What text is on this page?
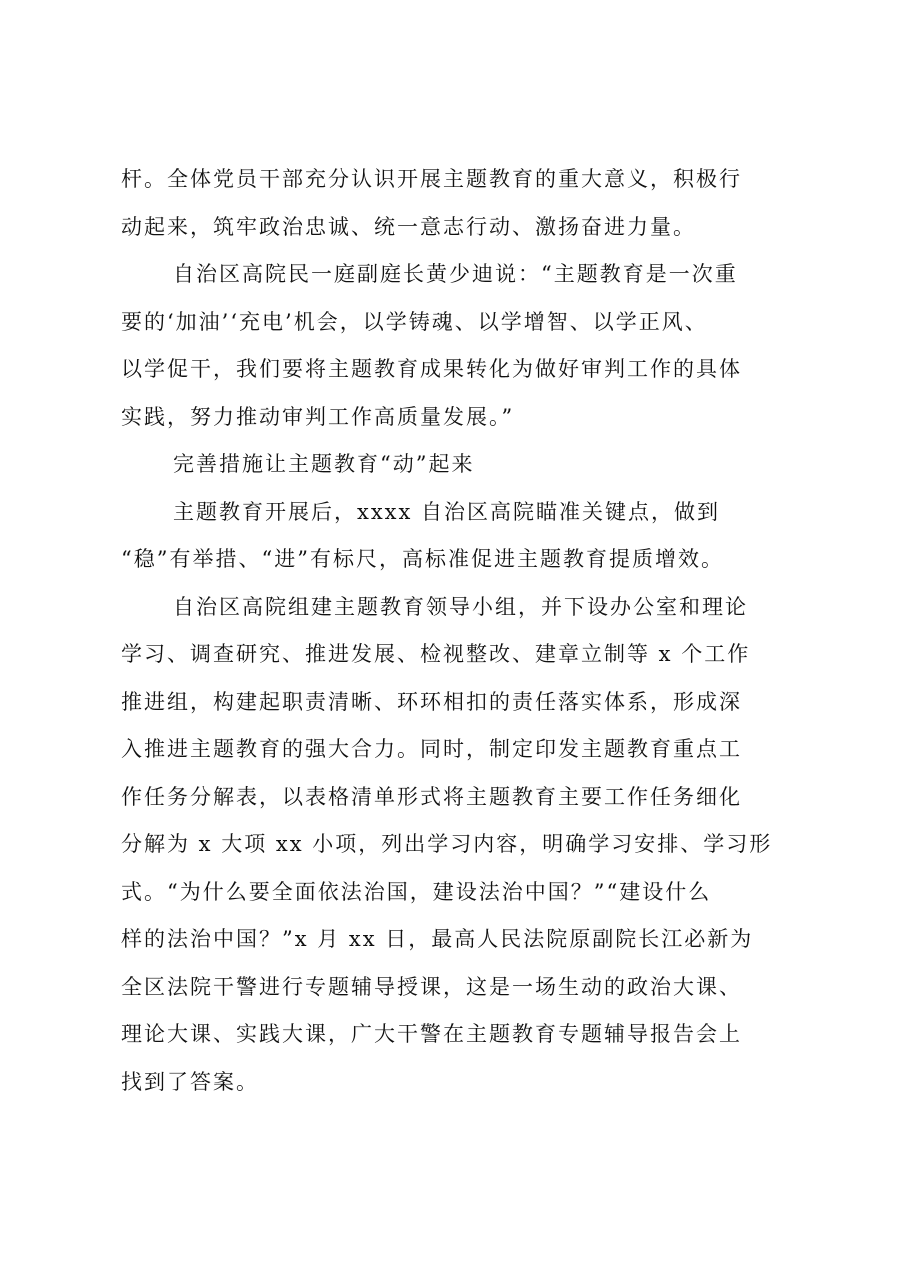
杆。全体党员干部充分认识开展主题教育的重大意义，积极行
动起来，筑牢政治忠诚、统一意志行动、激扬奋进力量。
自治区高院民一庭副庭长黄少迪说：“主题教育是一次重
要的‘加油’‘充电’机会，以学铸魂、以学增智、以学正风、
以学促干，我们要将主题教育成果转化为做好审判工作的具体
实践，努力推动审判工作高质量发展。”
完善措施让主题教育“动”起来
主题教育开展后，xxxx 自治区高院瞄准关键点，做到
“稳”有举措、“进”有标尺，高标准促进主题教育提质增效。
自治区高院组建主题教育领导小组，并下设办公室和理论
学习、调查研究、推进发展、检视整改、建章立制等 x 个工作
推进组，构建起职责清晰、环环相扣的责任落实体系，形成深
入推进主题教育的强大合力。同时，制定印发主题教育重点工
作任务分解表，以表格清单形式将主题教育主要工作任务细化
分解为 x 大项 xx 小项，列出学习内容，明确学习安排、学习形
式。“为什么要全面依法治国，建设法治中国？”“建设什么
样的法治中国？”x 月 xx 日，最高人民法院原副院长江必新为
全区法院干警进行专题辅导授课，这是一场生动的政治大课、
理论大课、实践大课，广大干警在主题教育专题辅导报告会上
找到了答案。
